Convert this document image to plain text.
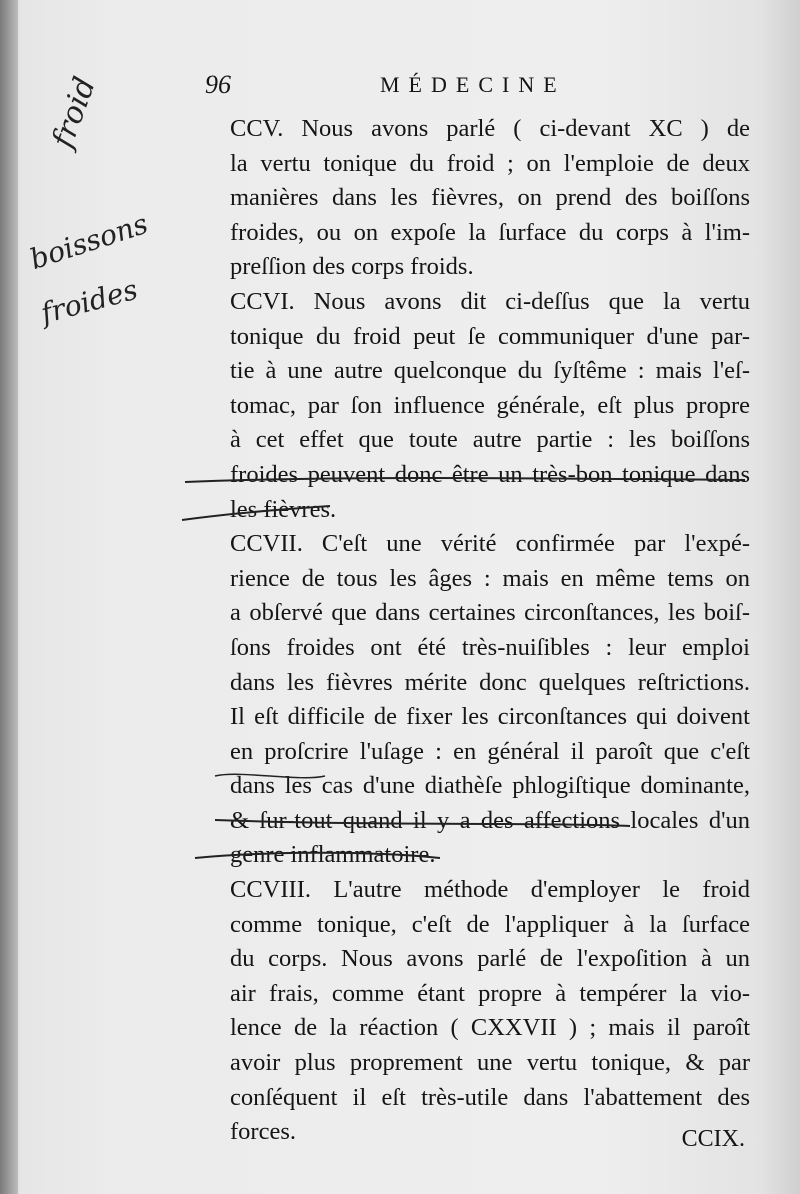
froid
boissons
froides
96	MÉDECINE

CCV. Nous avons parlé ( ci-devant XC ) de
la vertu tonique du froid ; on l'emploie de deux
manières dans les fièvres, on prend des boiſſons
froides, ou on expoſe la ſurface du corps à l'im-
preſſion des corps froids.

CCVI. Nous avons dit ci-deſſus que la vertu
tonique du froid peut ſe communiquer d'une par-
tie à une autre quelconque du ſyſtême : mais l'eſ-
tomac, par ſon influence générale, eſt plus propre
à cet effet que toute autre partie : les boiſſons
froides peuvent donc être un très-bon tonique dans
les fièvres.

CCVII. C'eſt une vérité confirmée par l'expé-
rience de tous les âges : mais en même tems on
a obſervé que dans certaines circonſtances, les boiſ-
ſons froides ont été très-nuiſibles : leur emploi
dans les fièvres mérite donc quelques reſtrictions.
Il eſt difficile de fixer les circonſtances qui doivent
en proſcrire l'uſage : en général il paroît que c'eſt
dans les cas d'une diathèſe phlogiſtique dominante,
& ſur-tout quand il y a des affections locales d'un
genre inflammatoire.

CCVIII. L'autre méthode d'employer le froid
comme tonique, c'eſt de l'appliquer à la ſurface
du corps. Nous avons parlé de l'expoſition à un
air frais, comme étant propre à tempérer la vio-
lence de la réaction ( CXXVII ) ; mais il paroît
avoir plus proprement une vertu tonique, & par
conſéquent il eſt très-utile dans l'abattement des
forces.	CCIX.
